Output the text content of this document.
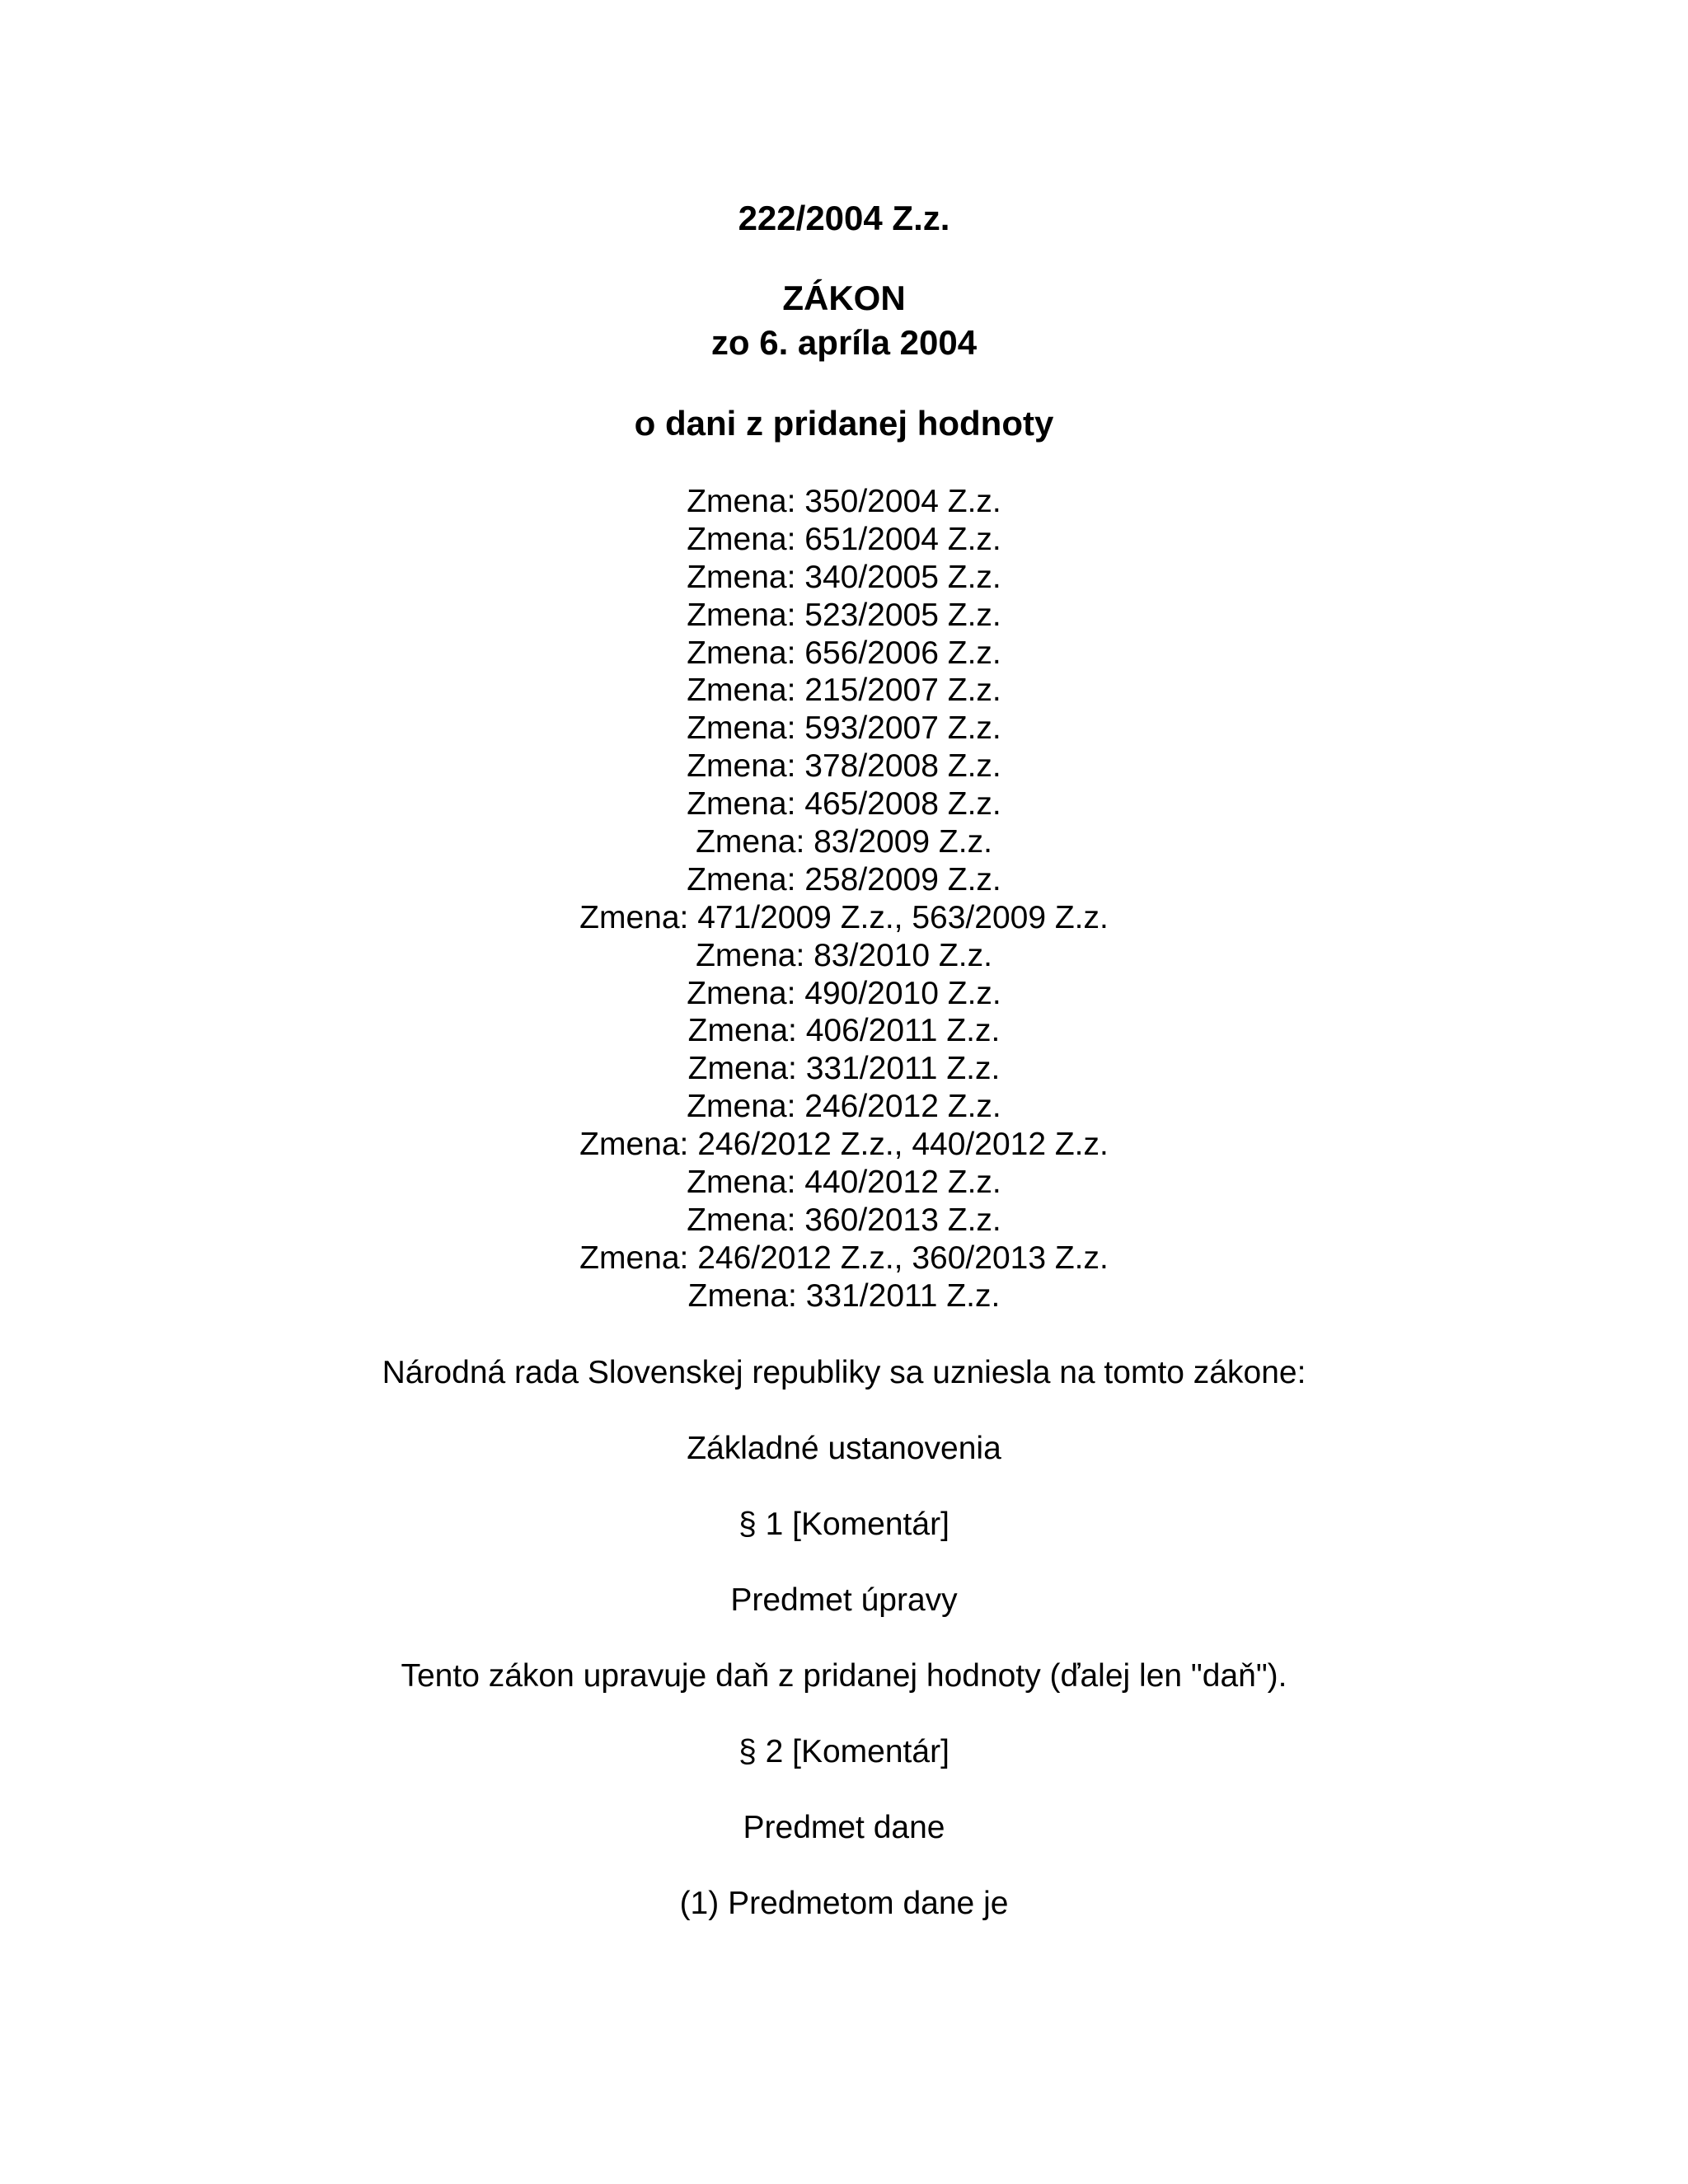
222/2004 Z.z.
ZÁKON
zo 6. apríla 2004
o dani z pridanej hodnoty
Zmena: 350/2004 Z.z.
Zmena: 651/2004 Z.z.
Zmena: 340/2005 Z.z.
Zmena: 523/2005 Z.z.
Zmena: 656/2006 Z.z.
Zmena: 215/2007 Z.z.
Zmena: 593/2007 Z.z.
Zmena: 378/2008 Z.z.
Zmena: 465/2008 Z.z.
Zmena: 83/2009 Z.z.
Zmena: 258/2009 Z.z.
Zmena: 471/2009 Z.z., 563/2009 Z.z.
Zmena: 83/2010 Z.z.
Zmena: 490/2010 Z.z.
Zmena: 406/2011 Z.z.
Zmena: 331/2011 Z.z.
Zmena: 246/2012 Z.z.
Zmena: 246/2012 Z.z., 440/2012 Z.z.
Zmena: 440/2012 Z.z.
Zmena: 360/2013 Z.z.
Zmena: 246/2012 Z.z., 360/2013 Z.z.
Zmena: 331/2011 Z.z.
Národná rada Slovenskej republiky sa uzniesla na tomto zákone:
Základné ustanovenia
§ 1 [Komentár]
Predmet úpravy
Tento zákon upravuje daň z pridanej hodnoty (ďalej len "daň").
§ 2 [Komentár]
Predmet dane
(1) Predmetom dane je
